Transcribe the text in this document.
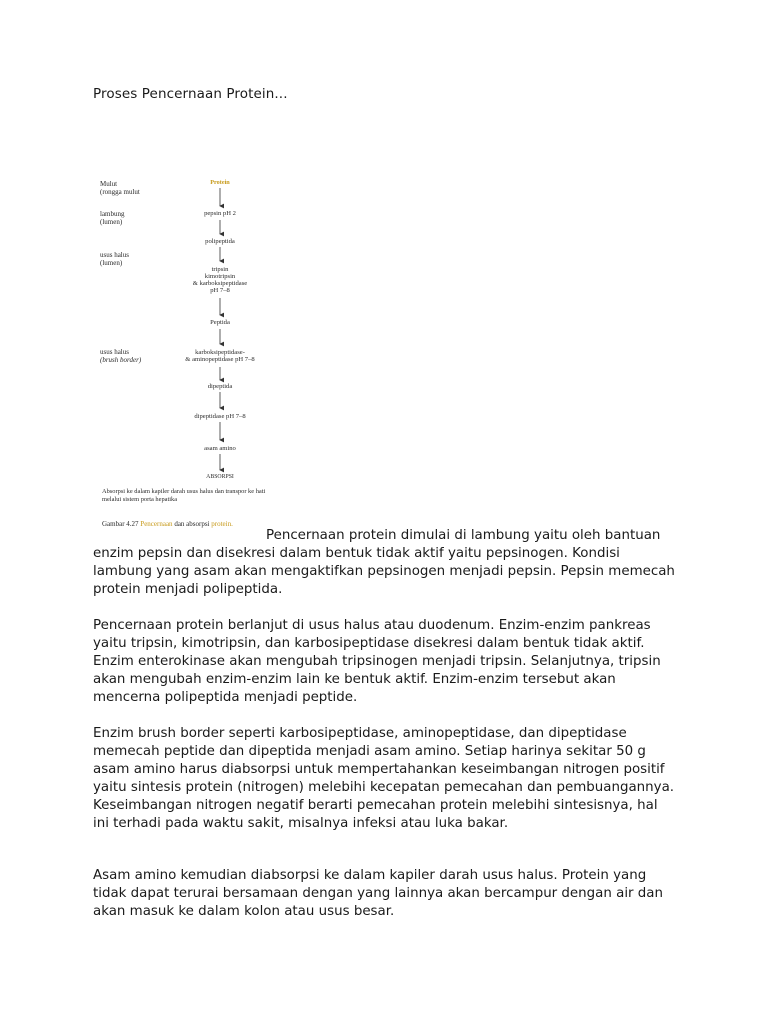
Proses Pencernaan Protein...
Mulut
(rongga mulut
lambung
(lumen)
usus halus
(lumen)
usus halus
(brush border)
Protein
pepsin pH 2
polipeptida
tripsin
kimotripsin
& karboksipeptidase
pH 7–8
Peptida
karboksipeptidase-
& aminopeptidase pH 7–8
dipeptida
dipeptidase pH 7–8
asam amino
ABSORPSI
Absorpsi ke dalam kapiler darah usus halus dan transpor ke hati melalui sistem porta hepatika
Gambar 4.27 Pencernaan dan absorpsi protein.

Pencernaan protein dimulai di lambung yaitu oleh bantuan enzim pepsin dan disekresi dalam bentuk tidak aktif yaitu pepsinogen. Kondisi lambung yang asam akan mengaktifkan pepsinogen menjadi pepsin. Pepsin memecah protein menjadi polipeptida.

Pencernaan protein berlanjut di usus halus atau duodenum. Enzim-enzim pankreas yaitu tripsin, kimotripsin, dan karbosipeptidase disekresi dalam bentuk tidak aktif. Enzim enterokinase akan mengubah tripsinogen menjadi tripsin. Selanjutnya, tripsin akan mengubah enzim-enzim lain ke bentuk aktif. Enzim-enzim tersebut akan mencerna polipeptida menjadi peptide.

Enzim brush border seperti karbosipeptidase, aminopeptidase, dan dipeptidase memecah peptide dan dipeptida menjadi asam amino. Setiap harinya sekitar 50 g asam amino harus diabsorpsi untuk mempertahankan keseimbangan nitrogen positif yaitu sintesis protein (nitrogen) melebihi kecepatan pemecahan dan pembuangannya. Keseimbangan nitrogen negatif berarti pemecahan protein melebihi sintesisnya, hal ini terhadi pada waktu sakit, misalnya infeksi atau luka bakar.

Asam amino kemudian diabsorpsi ke dalam kapiler darah usus halus. Protein yang tidak dapat terurai bersamaan dengan yang lainnya akan bercampur dengan air dan akan masuk ke dalam kolon atau usus besar.
